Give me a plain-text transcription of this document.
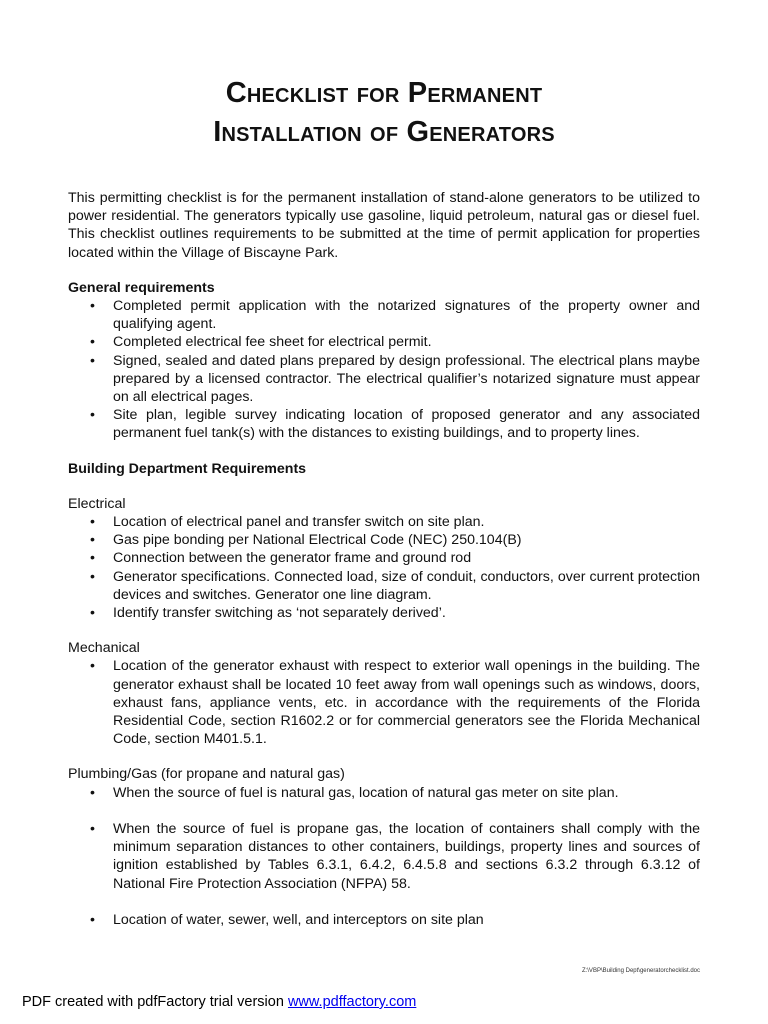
Checklist for Permanent
Installation of Generators

This permitting checklist is for the permanent installation of stand-alone generators to be utilized to power residential. The generators typically use gasoline, liquid petroleum, natural gas or diesel fuel. This checklist outlines requirements to be submitted at the time of permit application for properties located within the Village of Biscayne Park.

General requirements

• Completed permit application with the notarized signatures of the property owner and qualifying agent.
• Completed electrical fee sheet for electrical permit.
• Signed, sealed and dated plans prepared by design professional. The electrical plans maybe prepared by a licensed contractor. The electrical qualifier’s notarized signature must appear on all electrical pages.
• Site plan, legible survey indicating location of proposed generator and any associated permanent fuel tank(s) with the distances to existing buildings, and to property lines.

Building Department Requirements

Electrical

• Location of electrical panel and transfer switch on site plan.
• Gas pipe bonding per National Electrical Code (NEC) 250.104(B)
• Connection between the generator frame and ground rod
• Generator specifications. Connected load, size of conduit, conductors, over current protection devices and switches. Generator one line diagram.
• Identify transfer switching as ‘not separately derived’.

Mechanical

• Location of the generator exhaust with respect to exterior wall openings in the building. The generator exhaust shall be located 10 feet away from wall openings such as windows, doors, exhaust fans, appliance vents, etc. in accordance with the requirements of the Florida Residential Code, section R1602.2 or for commercial generators see the Florida Mechanical Code, section M401.5.1.

Plumbing/Gas (for propane and natural gas)

• When the source of fuel is natural gas, location of natural gas meter on site plan.
• When the source of fuel is propane gas, the location of containers shall comply with the minimum separation distances to other containers, buildings, property lines and sources of ignition established by Tables 6.3.1, 6.4.2, 6.4.5.8 and sections 6.3.2 through 6.3.12 of National Fire Protection Association (NFPA) 58.
• Location of water, sewer, well, and interceptors on site plan
Z:\VBP\Building Dept\generatorchecklist.doc
PDF created with pdfFactory trial version www.pdffactory.com
